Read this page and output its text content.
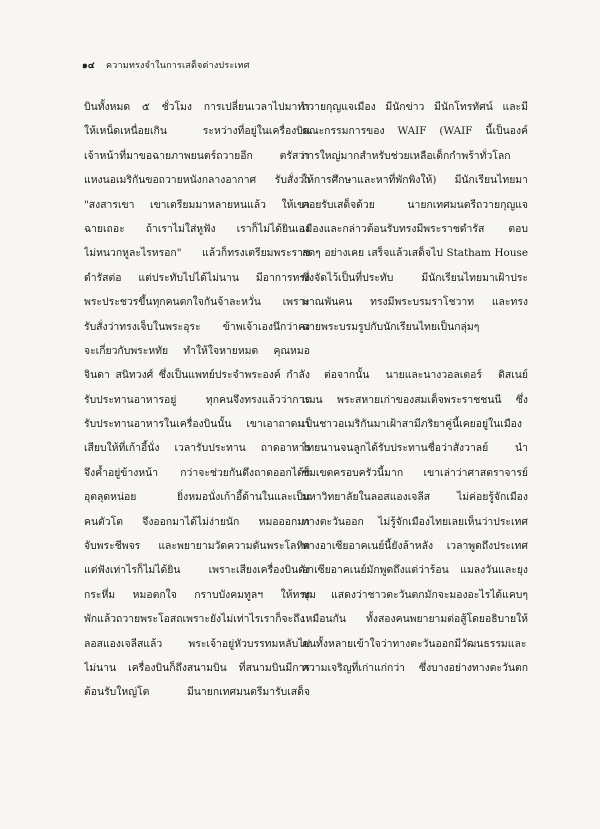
๑๔ ความทรงจำในการเสด็จต่างประเทศ
บินทั้งหมด ๕ ชั่วโมง การเปลี่ยนเวลาไปมาทำ
ให้เหน็ดเหนื่อยเกิน ระหว่างที่อยู่ในเครื่องบิน
เจ้าหน้าที่มาขอฉายภาพยนตร์ถวายอีก ตรัสว่า
แหงนอเมริกันขอถวายหนังกลางอากาศ รับสั่งว่า
"สงสารเขา เขาเตรียมมาหลายหนแล้ว ให้เขา
ฉายเถอะ ถ้าเราไม่ใส่หูฟัง เราก็ไม่ได้ยินเอง
ไม่หนวกหูละไรหรอก" แล้วก็ทรงเตรียมพระราช
ดำรัสต่อ แต่ประทับไปได้ไม่นาน มีอาการทรง
พระประชวรขึ้นทุกคนตกใจกันจ้าละหวั่น เพราะ
รับสั่งว่าทรงเจ็บในพระอุระ ข้าพเจ้าเองนึกว่าคง
จะเกี่ยวกับพระหทัย ทำให้ใจหายหมด คุณหมอ
จินดา สนิทวงศ์ ซึ่งเป็นแพทย์ประจำพระองค์ กำลัง
รับประทานอาหารอยู่ ทุกคนจึงทรงแล้วว่าการ
รับประทานอาหารในเครื่องบินนั้น เขาเอาถาดมา
เสียบให้ที่เก้าอี้นั่ง เวลารับประทาน ถาดอาหาร
จึงค้ำอยู่ข้างหน้า กว่าจะช่วยกันดึงถาดออกได้ก็
อุตลุดหน่อย ยิ่งหมอนั่งเก้าอี้ด้านในและเป็น
คนตัวโต จึงออกมาได้ไม่ง่ายนัก หมอออกมา
จับพระชีพจร และพยายามวัดความดันพระโลหิต
แต่ฟังเท่าไรก็ไม่ได้ยิน เพราะเสียงเครื่องบินดัง
กระหึ่ม หมอตกใจ กราบบังคมทูลฯ ให้ทรง
พักแล้วถวายพระโอสถเพราะยังไม่เท่าไรเราก็จะถึง
ลอสแองเจลีสแล้ว พระเจ้าอยู่หัวบรรทมหลับไป
ไม่นาน เครื่องบินก็ถึงสนามบิน ที่สนามบินมีการ
ต้อนรับใหญ่โต มีนายกเทศมนตรีมารับเสด็จ
ถวายกุญแจเมือง มีนักข่าว มีนักโทรทัศน์ และมี
คณะกรรมการของ WAIF (WAIF นี้เป็นองค์
การใหญ่มากสำหรับช่วยเหลือเด็กกำพร้าทั่วโลก
ให้การศึกษาและหาที่พักพิงให้) มีนักเรียนไทยมา
คอยรับเสด็จด้วย นายกเทศมนตรีถวายกุญแจ
เมืองและกล่าวต้อนรับทรงมีพระราชดำรัส ตอบ
สดๆ อย่างเคย เสร็จแล้วเสด็จไป Statham House
ซึ่งจัดไว้เป็นที่ประทับ มีนักเรียนไทยมาเฝ้าประ
มาณพันคน ทรงมีพระบรมราโชวาท และทรง
ฉายพระบรมรูปกับนักเรียนไทยเป็นกลุ่มๆ
ต่อจากนั้น นายและนางวอลเตอร์ ดิสเนย์
แมน พระสหายเก่าของสมเด็จพระราชชนนี ซึ่ง
เป็นชาวอเมริกันมาเฝ้าสามีภริยาคู่นี้เคยอยู่ในเมือง
ไทยนานจนลูกได้รับประทานชื่อว่าสังวาลย์ นำ
ชมเขตครอบครัวนี้มาก เขาเล่าว่าศาสตราจารย์
มหาวิทยาลัยในลอสแองเจลีส ไม่ค่อยรู้จักเมือง
ทางตะวันออก ไม่รู้จักเมืองไทยเลยเห็นว่าประเทศ
ทางอาเซียอาคเนย์นี้ยังล้าหลัง เวลาพูดถึงประเทศ
อาเซียอาคเนย์มักพูดถึงแต่ว่าร้อน แมลงวันและยุง
ชุม แสดงว่าชาวตะวันตกมักจะมองอะไรได้แคบๆ
เหมือนกัน ทั้งสองคนพยายามต่อสู้โดยอธิบายให้
คนทั้งหลายเข้าใจว่าทางตะวันออกมีวัฒนธรรมและ
ความเจริญที่เก่าแก่กว่า ซึ่งบางอย่างทางตะวันตก
